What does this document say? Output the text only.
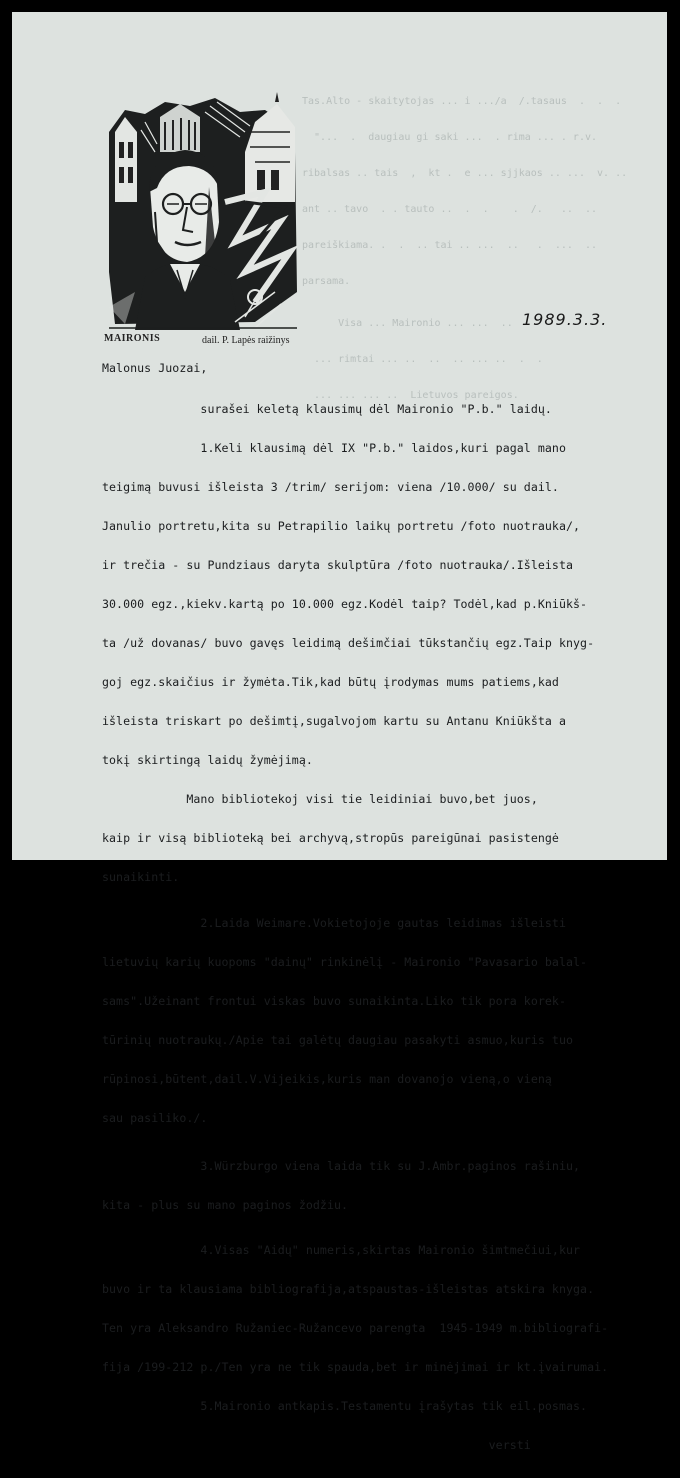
Tas.Alto - skaitytojas ... i .../a  /.tasaus  .  .  .

"...  .  daugiau gi saki ...  . rima ... . r.v.

ribalsas .. tais  ,  kt .  e ... sjjkaos .. ...  v. ..

ant .. tavo  . . tauto ..  .  .    .  /.   ..  ..

pareiškiama. .  .  .. tai .. ...  ..   .  ...  ..

parsama.

Visa ... Maironio ... ...  ..

... rimtai ... ..  ..  .. ... ..  .  .

... ... ... ..  Lietuvos pareigos.

MAIRONIS	dail. P. Lapės raižinys
1989.3.3.
Malonus Juozai,

surašei keletą klausimų dėl Maironio "P.b." laidų.

1.Keli klausimą dėl IX "P.b." laidos,kuri pagal mano

teigimą buvusi išleista 3 /trim/ serijom: viena /10.000/ su dail.

Janulio portretu,kita su Petrapilio laikų portretu /foto nuotrauka/,

ir trečia - su Pundziaus daryta skulptūra /foto nuotrauka/.Išleista

30.000 egz.,kiekv.kartą po 10.000 egz.Kodėl taip? Todėl,kad p.Kniūkš-

ta /už dovanas/ buvo gavęs leidimą dešimčiai tūkstančių egz.Taip knyg-

goj egz.skaičius ir žymėta.Tik,kad būtų įrodymas mums patiems,kad

išleista triskart po dešimtį,sugalvojom kartu su Antanu Kniūkšta a

tokį skirtingą laidų žymėjimą.

Mano bibliotekoj visi tie leidiniai buvo,bet juos,

kaip ir visą biblioteką bei archyvą,stropūs pareigūnai pasistengė

sunaikinti.

2.Laida Weimare.Vokietojoje gautas leidimas išleisti

lietuvių karių kuopoms "dainų" rinkinėlį - Maironio "Pavasario balal-

sams".Užeinant frontui viskas buvo sunaikinta.Liko tik pora korek-

tūrinių nuotraukų./Apie tai galėtų daugiau pasakyti asmuo,kuris tuo

rūpinosi,būtent,dail.V.Vijeikis,kuris man dovanojo vieną,o vieną

sau pasiliko./.

3.Würzburgo viena laida tik su J.Ambr.paginos rašiniu,

kita - plus su mano paginos žodžiu.

4.Visas "Aidų" numeris,skirtas Maironio šimtmečiui,kur

buvo ir ta klausiama bibliografija,atspaustas-išleistas atskira knyga.

Ten yra Aleksandro Ružaniec-Ružancevo parengta  1945-1949 m.bibliografi-

fija /199-212 p./Ten yra ne tik spauda,bet ir minėjimai ir kt.įvairumai.

5.Maironio antkapis.Testamentu įrašytas tik eil.posmas.

versti
